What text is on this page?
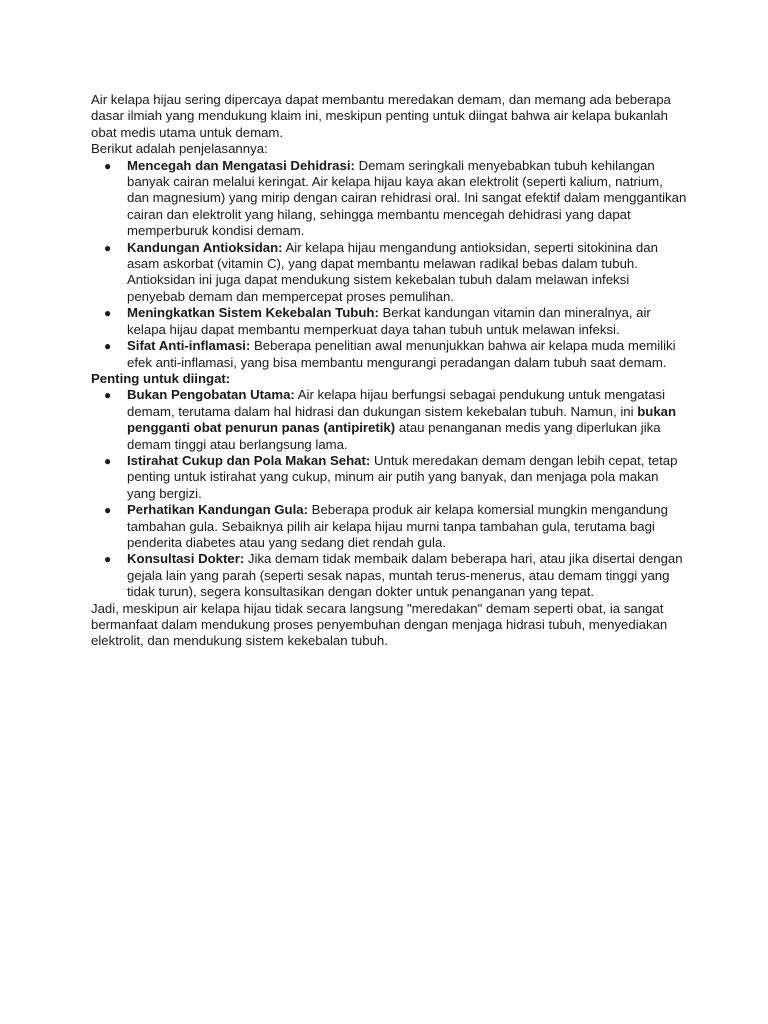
Air kelapa hijau sering dipercaya dapat membantu meredakan demam, dan memang ada beberapa dasar ilmiah yang mendukung klaim ini, meskipun penting untuk diingat bahwa air kelapa bukanlah obat medis utama untuk demam.

Berikut adalah penjelasannya:

● Mencegah dan Mengatasi Dehidrasi: Demam seringkali menyebabkan tubuh kehilangan banyak cairan melalui keringat. Air kelapa hijau kaya akan elektrolit (seperti kalium, natrium, dan magnesium) yang mirip dengan cairan rehidrasi oral. Ini sangat efektif dalam menggantikan cairan dan elektrolit yang hilang, sehingga membantu mencegah dehidrasi yang dapat memperburuk kondisi demam.
● Kandungan Antioksidan: Air kelapa hijau mengandung antioksidan, seperti sitokinina dan asam askorbat (vitamin C), yang dapat membantu melawan radikal bebas dalam tubuh. Antioksidan ini juga dapat mendukung sistem kekebalan tubuh dalam melawan infeksi penyebab demam dan mempercepat proses pemulihan.
● Meningkatkan Sistem Kekebalan Tubuh: Berkat kandungan vitamin dan mineralnya, air kelapa hijau dapat membantu memperkuat daya tahan tubuh untuk melawan infeksi.
● Sifat Anti-inflamasi: Beberapa penelitian awal menunjukkan bahwa air kelapa muda memiliki efek anti-inflamasi, yang bisa membantu mengurangi peradangan dalam tubuh saat demam.

Penting untuk diingat:

● Bukan Pengobatan Utama: Air kelapa hijau berfungsi sebagai pendukung untuk mengatasi demam, terutama dalam hal hidrasi dan dukungan sistem kekebalan tubuh. Namun, ini bukan pengganti obat penurun panas (antipiretik) atau penanganan medis yang diperlukan jika demam tinggi atau berlangsung lama.
● Istirahat Cukup dan Pola Makan Sehat: Untuk meredakan demam dengan lebih cepat, tetap penting untuk istirahat yang cukup, minum air putih yang banyak, dan menjaga pola makan yang bergizi.
● Perhatikan Kandungan Gula: Beberapa produk air kelapa komersial mungkin mengandung tambahan gula. Sebaiknya pilih air kelapa hijau murni tanpa tambahan gula, terutama bagi penderita diabetes atau yang sedang diet rendah gula.
● Konsultasi Dokter: Jika demam tidak membaik dalam beberapa hari, atau jika disertai dengan gejala lain yang parah (seperti sesak napas, muntah terus-menerus, atau demam tinggi yang tidak turun), segera konsultasikan dengan dokter untuk penanganan yang tepat.

Jadi, meskipun air kelapa hijau tidak secara langsung "meredakan" demam seperti obat, ia sangat bermanfaat dalam mendukung proses penyembuhan dengan menjaga hidrasi tubuh, menyediakan elektrolit, dan mendukung sistem kekebalan tubuh.
